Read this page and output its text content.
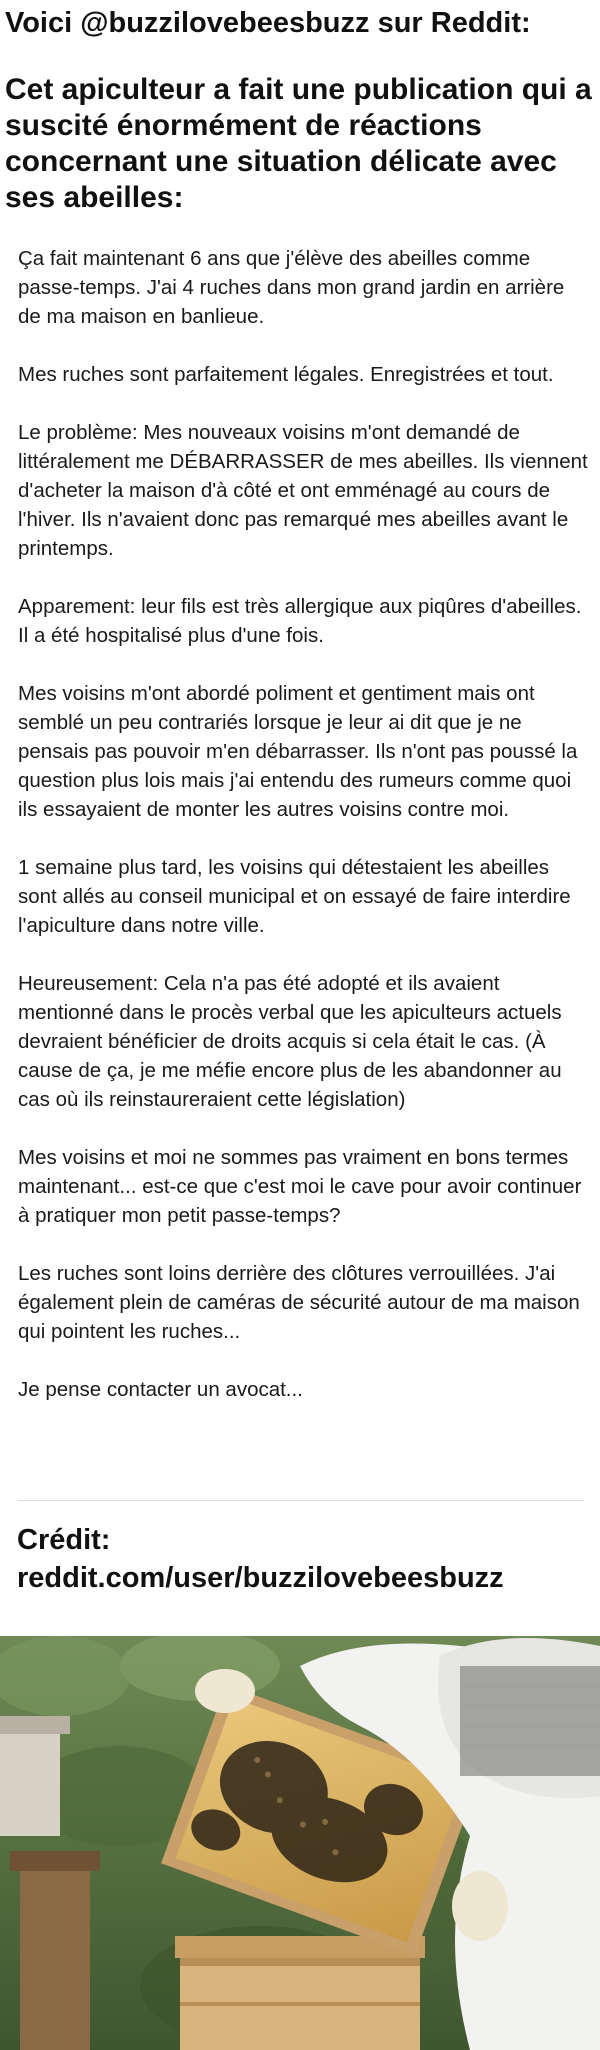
Voici @buzzilovebeesbuzz sur Reddit:
Cet apiculteur a fait une publication qui a suscité énormément de réactions concernant une situation délicate avec ses abeilles:

Ça fait maintenant 6 ans que j'élève des abeilles comme passe-temps. J'ai 4 ruches dans mon grand jardin en arrière de ma maison en banlieue.

Mes ruches sont parfaitement légales. Enregistrées et tout.

Le problème: Mes nouveaux voisins m'ont demandé de littéralement me DÉBARRASSER de mes abeilles. Ils viennent d'acheter la maison d'à côté et ont emménagé au cours de l'hiver. Ils n'avaient donc pas remarqué mes abeilles avant le printemps.

Apparement: leur fils est très allergique aux piqûres d'abeilles. Il a été hospitalisé plus d'une fois.

Mes voisins m'ont abordé poliment et gentiment mais ont semblé un peu contrariés lorsque je leur ai dit que je ne pensais pas pouvoir m'en débarrasser. Ils n'ont pas poussé la question plus lois mais j'ai entendu des rumeurs comme quoi ils essayaient de monter les autres voisins contre moi.

1 semaine plus tard, les voisins qui détestaient les abeilles sont allés au conseil municipal et on essayé de faire interdire l'apiculture dans notre ville.

Heureusement: Cela n'a pas été adopté et ils avaient mentionné dans le procès verbal que les apiculteurs actuels devraient bénéficier de droits acquis si cela était le cas. (À cause de ça, je me méfie encore plus de les abandonner au cas où ils reinstaureraient cette législation)

Mes voisins et moi ne sommes pas vraiment en bons termes maintenant... est-ce que c'est moi le cave pour avoir continuer à pratiquer mon petit passe-temps?

Les ruches sont loins derrière des clôtures verrouillées. J'ai également plein de caméras de sécurité autour de ma maison qui pointent les ruches...

Je pense contacter un avocat...

Crédit:
reddit.com/user/buzzilovebeesbuzz
